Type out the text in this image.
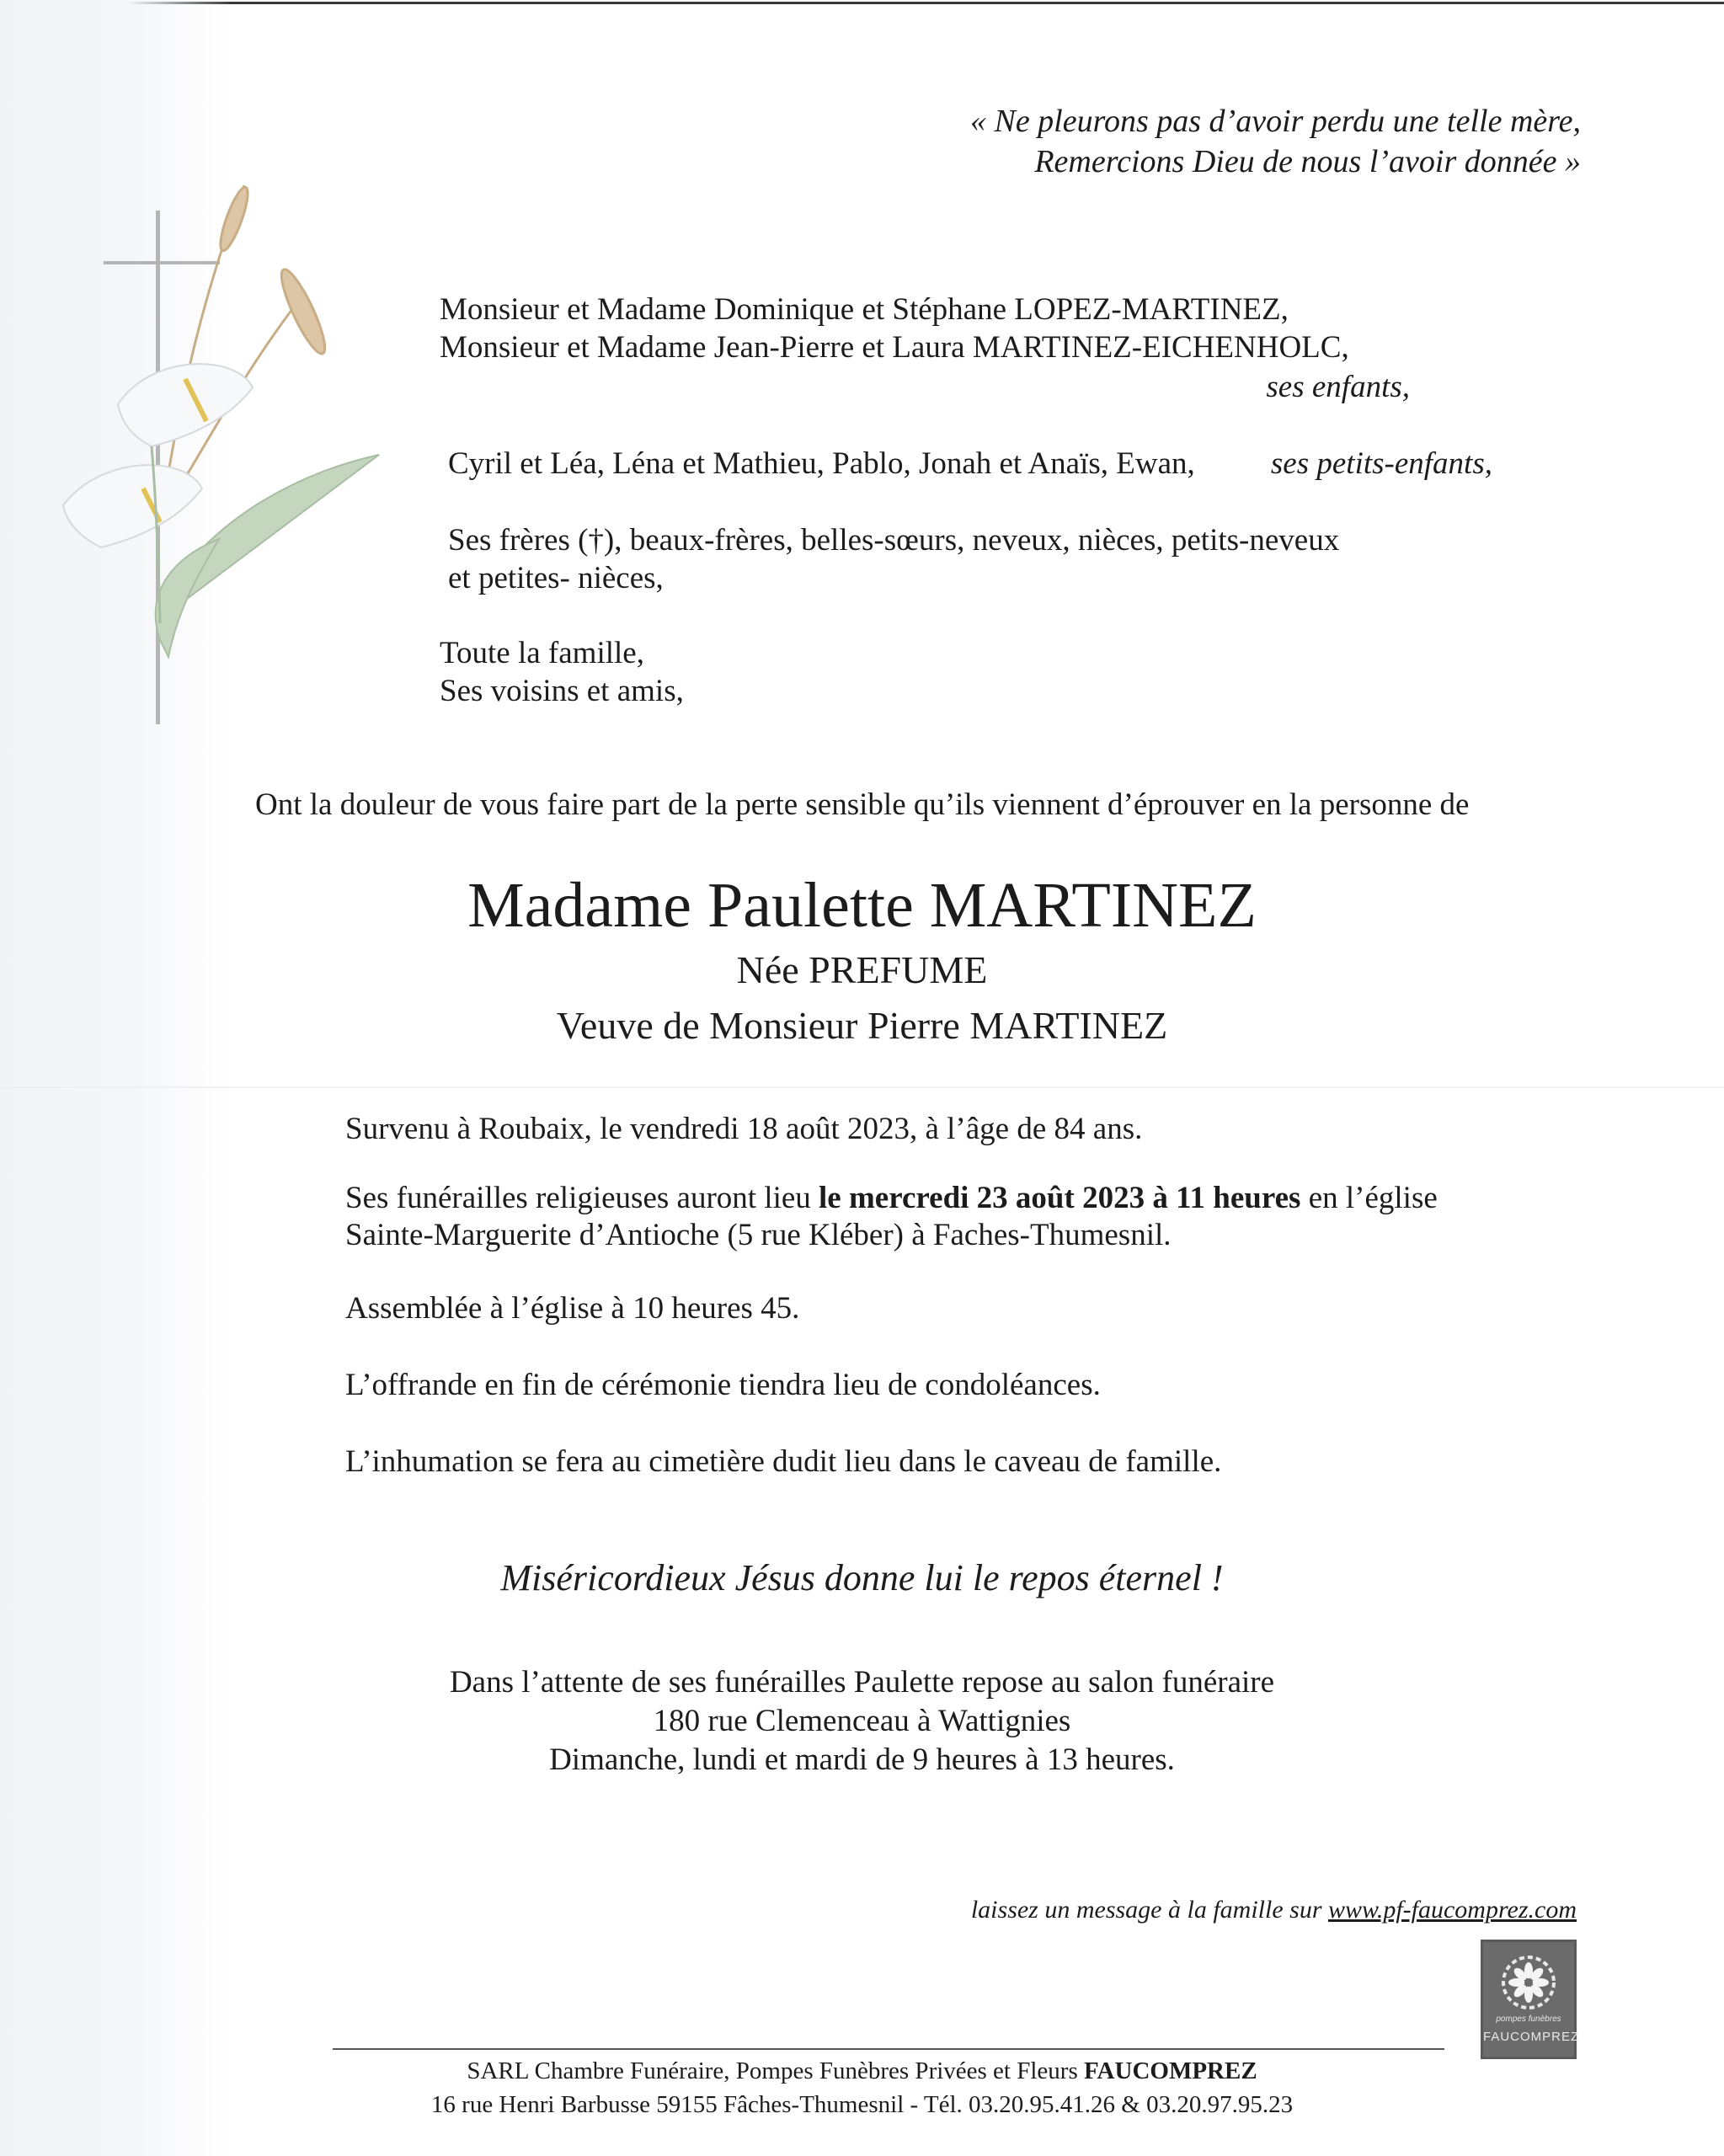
« Ne pleurons pas d’avoir perdu une telle mère,
Remercions Dieu de nous l’avoir donnée »

Monsieur et Madame Dominique et Stéphane LOPEZ-MARTINEZ,

Monsieur et Madame Jean-Pierre et Laura MARTINEZ-EICHENHOLC,

ses enfants,

Cyril et Léa, Léna et Mathieu, Pablo, Jonah et Anaïs, Ewan, ses petits-enfants,

Ses frères (†), beaux-frères, belles-sœurs, neveux, nièces, petits-neveux

et petites- nièces,

Toute la famille,

Ses voisins et amis,

Ont la douleur de vous faire part de la perte sensible qu’ils viennent d’éprouver en la personne de

Madame Paulette MARTINEZ

Née PREFUME

Veuve de Monsieur Pierre MARTINEZ

Survenu à Roubaix, le vendredi 18 août 2023, à l’âge de 84 ans.

Ses funérailles religieuses auront lieu le mercredi 23 août 2023 à 11 heures en l’église

Sainte-Marguerite d’Antioche (5 rue Kléber) à Faches-Thumesnil.

Assemblée à l’église à 10 heures 45.

L’offrande en fin de cérémonie tiendra lieu de condoléances.

L’inhumation se fera au cimetière dudit lieu dans le caveau de famille.

Miséricordieux Jésus donne lui le repos éternel !

Dans l’attente de ses funérailles Paulette repose au salon funéraire

180 rue Clemenceau à Wattignies

Dimanche, lundi et mardi de 9 heures à 13 heures.

laissez un message à la famille sur www.pf-faucomprez.com

pompes funèbres
FAUCOMPREZ

SARL Chambre Funéraire, Pompes Funèbres Privées et Fleurs FAUCOMPREZ

16 rue Henri Barbusse 59155 Fâches-Thumesnil - Tél. 03.20.95.41.26 & 03.20.97.95.23
